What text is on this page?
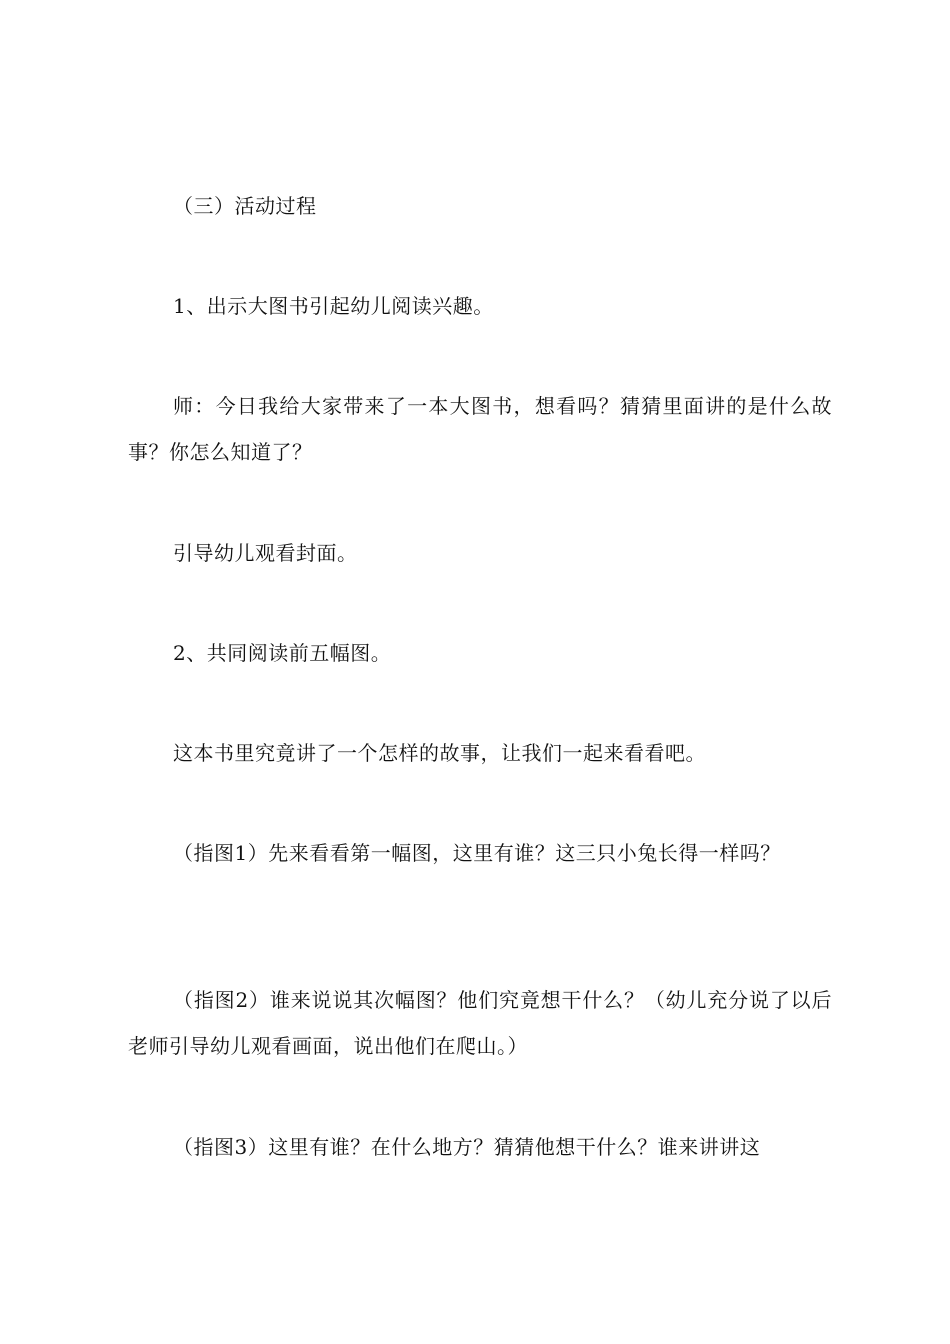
（三）活动过程

1、出示大图书引起幼儿阅读兴趣。

师：今日我给大家带来了一本大图书，想看吗？猜猜里面讲的是什么故事？你怎么知道了？

引导幼儿观看封面。

2、共同阅读前五幅图。

这本书里究竟讲了一个怎样的故事，让我们一起来看看吧。

（指图1）先来看看第一幅图，这里有谁？这三只小兔长得一样吗？

（指图2）谁来说说其次幅图？他们究竟想干什么？（幼儿充分说了以后老师引导幼儿观看画面，说出他们在爬山。）

（指图3）这里有谁？在什么地方？猜猜他想干什么？谁来讲讲这
